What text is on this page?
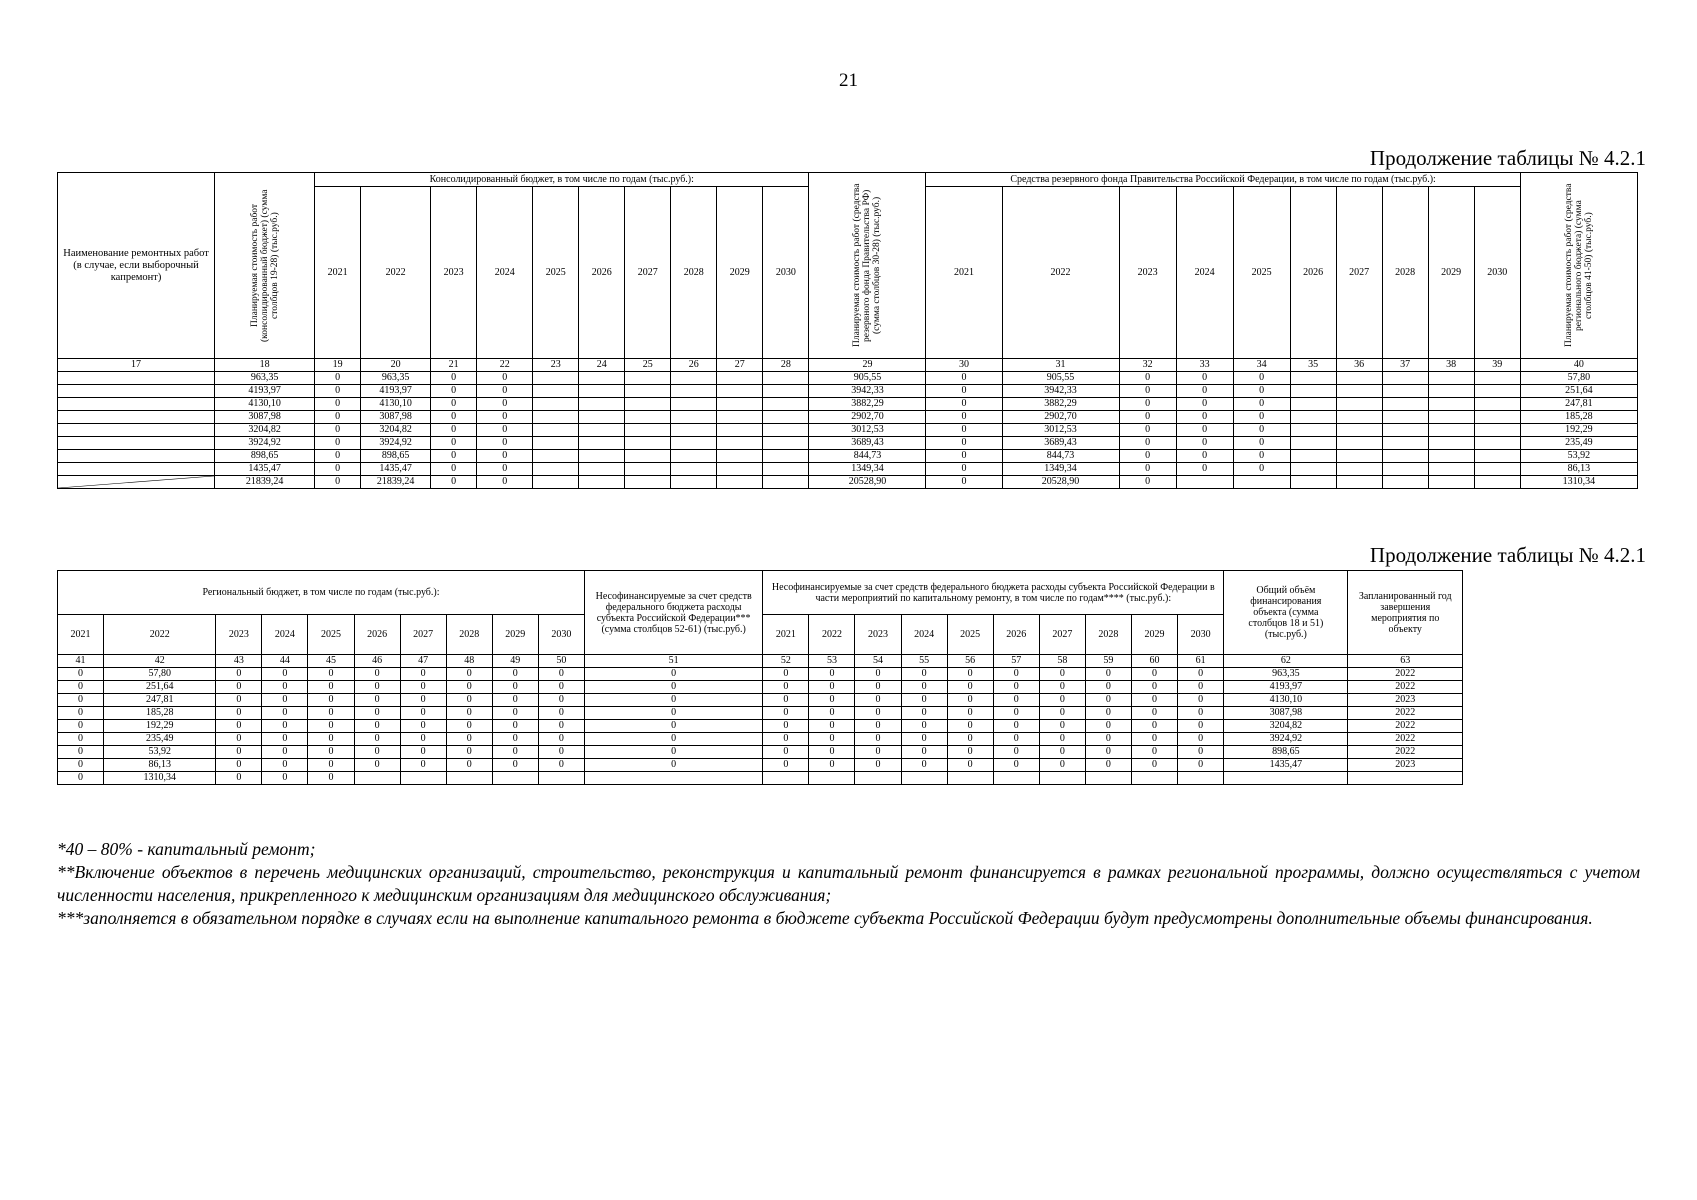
21
Продолжение таблицы № 4.2.1
Наименование ремонтных работ (в случае, если выборочный капремонт)	Планируемая стоимость работ (консолидированный бюджет) (сумма столбцов 19-28) (тыс.руб.)	Консолидированный бюджет, в том числе по годам (тыс.руб.):										Планируемая стоимость работ (средства резервного фонда Правительства РФ) (сумма столбцов 30-28) (тыс.руб.)	Средства резервного фонда Правительства Российской Федерации, в том числе по годам (тыс.руб.):										Планируемая стоимость работ (средства регионального бюджета) (сумма столбцов 41-50) (тыс.руб.)

		2021	2022	2023	2024	2025	2026	2027	2028	2029	2030		2021	2022	2023	2024	2025	2026	2027	2028	2029	2030	
17	18	19	20	21	22	23	24	25	26	27	28	29	30	31	32	33	34	35	36	37	38	39	40
	963,35	0	963,35	0	0							905,55	0	905,55	0	0	0						57,80
	4193,97	0	4193,97	0	0							3942,33	0	3942,33	0	0	0						251,64
	4130,10	0	4130,10	0	0							3882,29	0	3882,29	0	0	0						247,81
	3087,98	0	3087,98	0	0							2902,70	0	2902,70	0	0	0						185,28
	3204,82	0	3204,82	0	0							3012,53	0	3012,53	0	0	0						192,29
	3924,92	0	3924,92	0	0							3689,43	0	3689,43	0	0	0						235,49
	898,65	0	898,65	0	0							844,73	0	844,73	0	0	0						53,92
	1435,47	0	1435,47	0	0							1349,34	0	1349,34	0	0	0						86,13

	21839,24	0	21839,24	0	0							20528,90	0	20528,90	0								1310,34
Продолжение таблицы № 4.2.1
Региональный бюджет, в том числе по годам (тыс.руб.):										Несофинансируемые за счет средств федерального бюджета расходы субъекта Российской Федерации*** (сумма столбцов 52-61) (тыс.руб.)	Несофинансируемые за счет средств федерального бюджета расходы субъекта Российской Федерации в части мероприятий по капитальному ремонту, в том числе по годам**** (тыс.руб.):										Общий объём финансирования объекта (сумма столбцов 18 и 51) (тыс.руб.)	Запланированный год завершения мероприятия по объекту
2021	2022	2023	2024	2025	2026	2027	2028	2029	2030		2021	2022	2023	2024	2025	2026	2027	2028	2029	2030		
41	42	43	44	45	46	47	48	49	50	51	52	53	54	55	56	57	58	59	60	61	62	63
0	57,80	0	0	0	0	0	0	0	0	0	0	0	0	0	0	0	0	0	0	0	963,35	2022
0	251,64	0	0	0	0	0	0	0	0	0	0	0	0	0	0	0	0	0	0	0	4193,97	2022
0	247,81	0	0	0	0	0	0	0	0	0	0	0	0	0	0	0	0	0	0	0	4130,10	2023
0	185,28	0	0	0	0	0	0	0	0	0	0	0	0	0	0	0	0	0	0	0	3087,98	2022
0	192,29	0	0	0	0	0	0	0	0	0	0	0	0	0	0	0	0	0	0	0	3204,82	2022
0	235,49	0	0	0	0	0	0	0	0	0	0	0	0	0	0	0	0	0	0	0	3924,92	2022
0	53,92	0	0	0	0	0	0	0	0	0	0	0	0	0	0	0	0	0	0	0	898,65	2022
0	86,13	0	0	0	0	0	0	0	0	0	0	0	0	0	0	0	0	0	0	0	1435,47	2023
0	1310,34	0	0	0																		

*40 – 80% - капитальный ремонт;

**Включение объектов в перечень медицинских организаций, строительство, реконструкция и капитальный ремонт финансируется в рамках региональной программы, должно осуществляться с учетом численности населения, прикрепленного к медицинским организациям для медицинского обслуживания;

***заполняется в обязательном порядке в случаях если на выполнение капитального ремонта в бюджете субъекта Российской Федерации будут предусмотрены дополнительные объемы финансирования.
